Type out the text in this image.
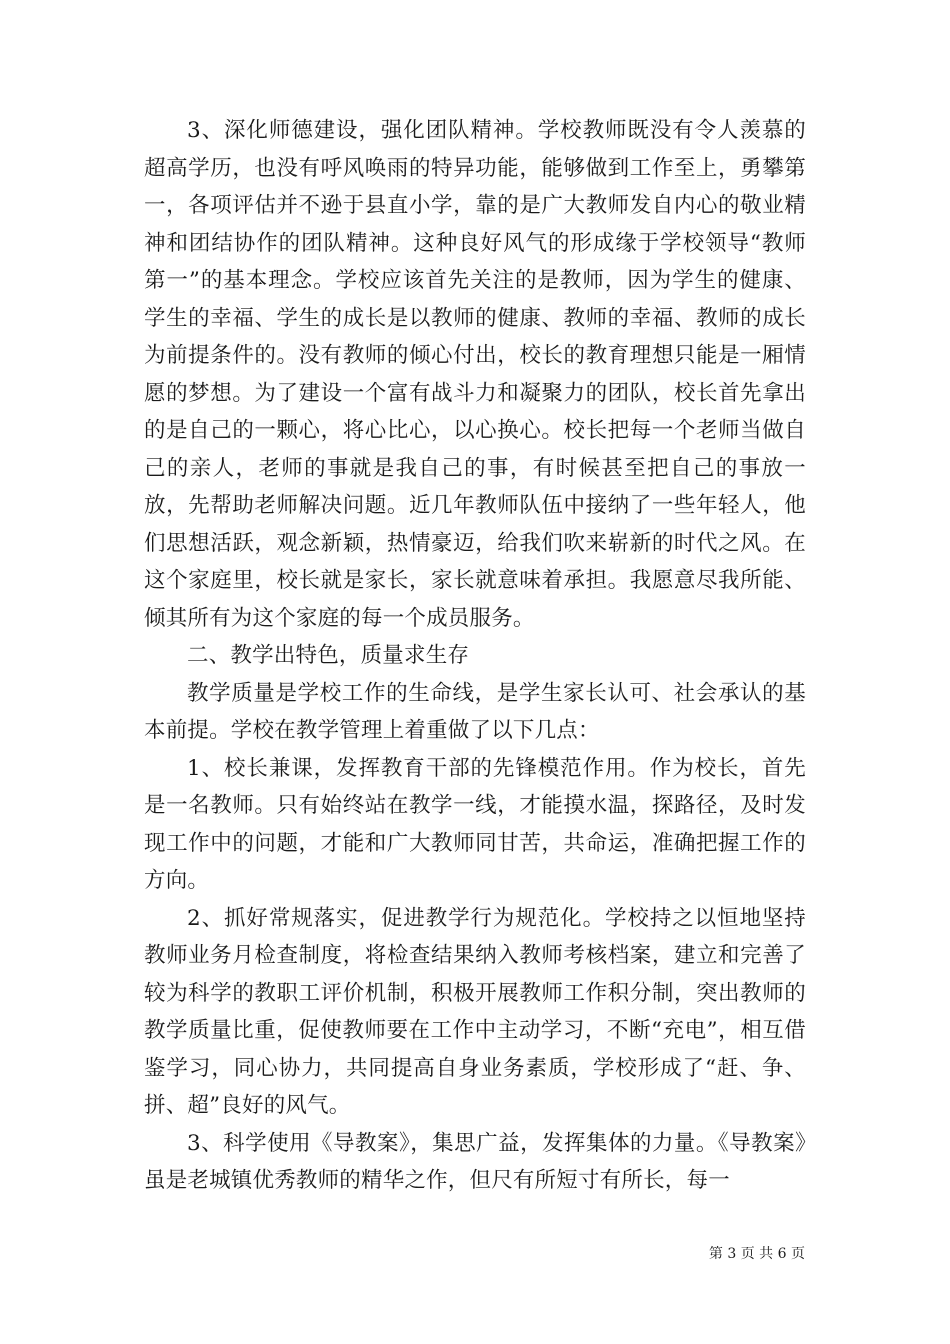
3、深化师德建设，强化团队精神。学校教师既没有令人羡慕的超高学历，也没有呼风唤雨的特异功能，能够做到工作至上，勇攀第一，各项评估并不逊于县直小学，靠的是广大教师发自内心的敬业精神和团结协作的团队精神。这种良好风气的形成缘于学校领导“教师第一”的基本理念。学校应该首先关注的是教师，因为学生的健康、学生的幸福、学生的成长是以教师的健康、教师的幸福、教师的成长为前提条件的。没有教师的倾心付出，校长的教育理想只能是一厢情愿的梦想。为了建设一个富有战斗力和凝聚力的团队，校长首先拿出的是自己的一颗心，将心比心，以心换心。校长把每一个老师当做自己的亲人，老师的事就是我自己的事，有时候甚至把自己的事放一放，先帮助老师解决问题。近几年教师队伍中接纳了一些年轻人，他们思想活跃，观念新颖，热情豪迈，给我们吹来崭新的时代之风。在这个家庭里，校长就是家长，家长就意味着承担。我愿意尽我所能、倾其所有为这个家庭的每一个成员服务。

二、教学出特色，质量求生存

教学质量是学校工作的生命线，是学生家长认可、社会承认的基本前提。学校在教学管理上着重做了以下几点：

1、校长兼课，发挥教育干部的先锋模范作用。作为校长，首先是一名教师。只有始终站在教学一线，才能摸水温，探路径，及时发现工作中的问题，才能和广大教师同甘苦，共命运，准确把握工作的方向。

2、抓好常规落实，促进教学行为规范化。学校持之以恒地坚持教师业务月检查制度，将检查结果纳入教师考核档案，建立和完善了较为科学的教职工评价机制，积极开展教师工作积分制，突出教师的教学质量比重，促使教师要在工作中主动学习，不断“充电”，相互借鉴学习，同心协力，共同提高自身业务素质，学校形成了“赶、争、拼、超”良好的风气。

3、科学使用《导教案》，集思广益，发挥集体的力量。《导教案》虽是老城镇优秀教师的精华之作，但尺有所短寸有所长，每一

第 3 页 共 6 页
